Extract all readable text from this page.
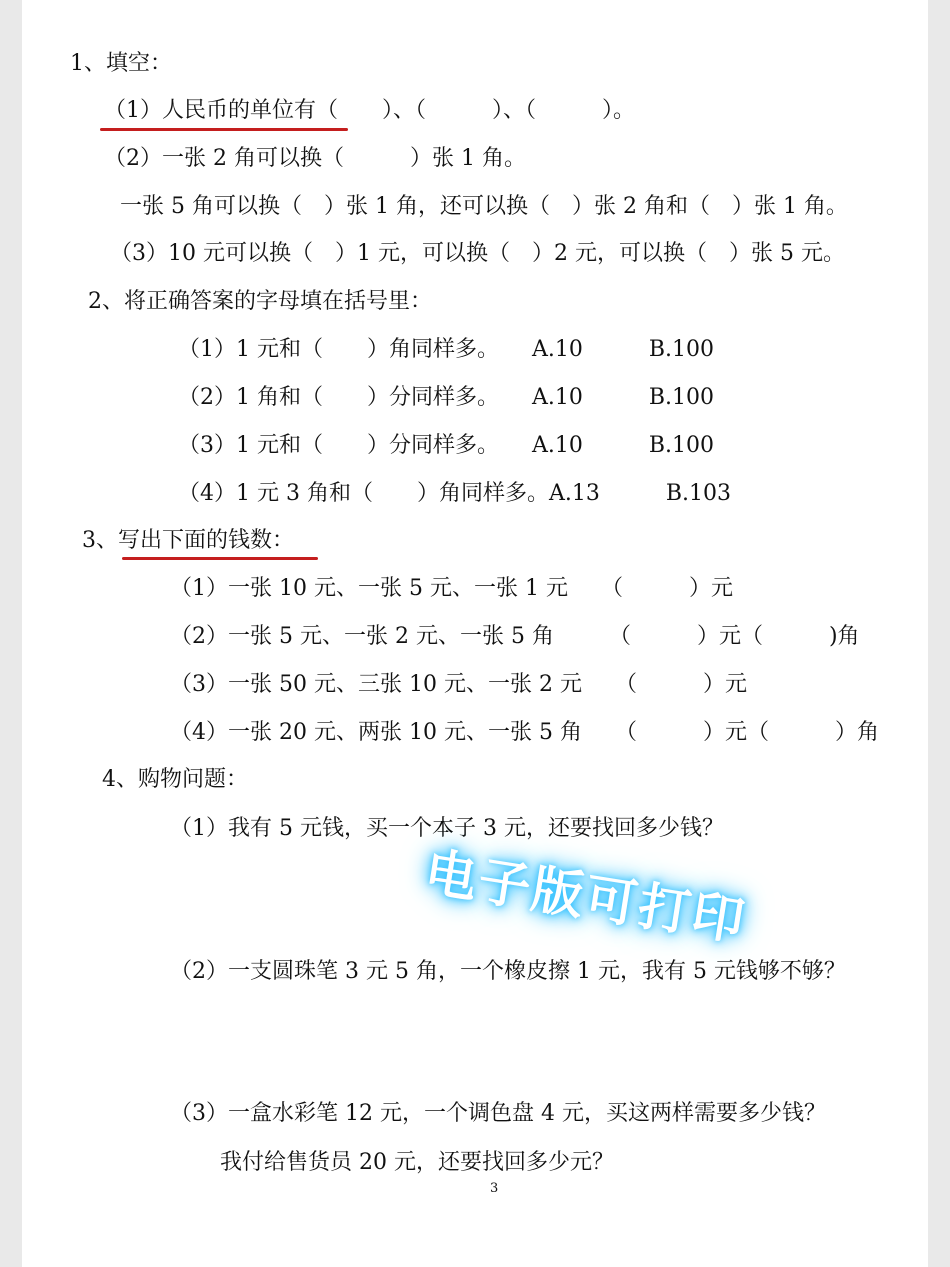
1、填空：
（1）人民币的单位有（　　）、（　　　）、（　　　）。
（2）一张 2 角可以换（　　　）张 1 角。
一张 5 角可以换（　）张 1 角，还可以换（　）张 2 角和（　）张 1 角。
（3）10 元可以换（　）1 元，可以换（　）2 元，可以换（　）张 5 元。
2、将正确答案的字母填在括号里：
（1）1 元和（　　）角同样多。　　A.10　　　B.100
（2）1 角和（　　）分同样多。　　A.10　　　B.100
（3）1 元和（　　）分同样多。　　A.10　　　B.100
（4）1 元 3 角和（　　）角同样多。A.13　　　B.103
3、写出下面的钱数：
（1）一张 10 元、一张 5 元、一张 1 元　　（　　　）元
（2）一张 5 元、一张 2 元、一张 5 角　　　（　　　）元（　　　)角
（3）一张 50 元、三张 10 元、一张 2 元　　（　　　）元
（4）一张 20 元、两张 10 元、一张 5 角　　（　　　）元（　　　）角
4、购物问题：
（1）我有 5 元钱，买一个本子 3 元，还要找回多少钱？
（2）一支圆珠笔 3 元 5 角，一个橡皮擦 1 元，我有 5 元钱够不够？
（3）一盒水彩笔 12 元，一个调色盘 4 元，买这两样需要多少钱？
我付给售货员 20 元，还要找回多少元？
电子版可打印
3
